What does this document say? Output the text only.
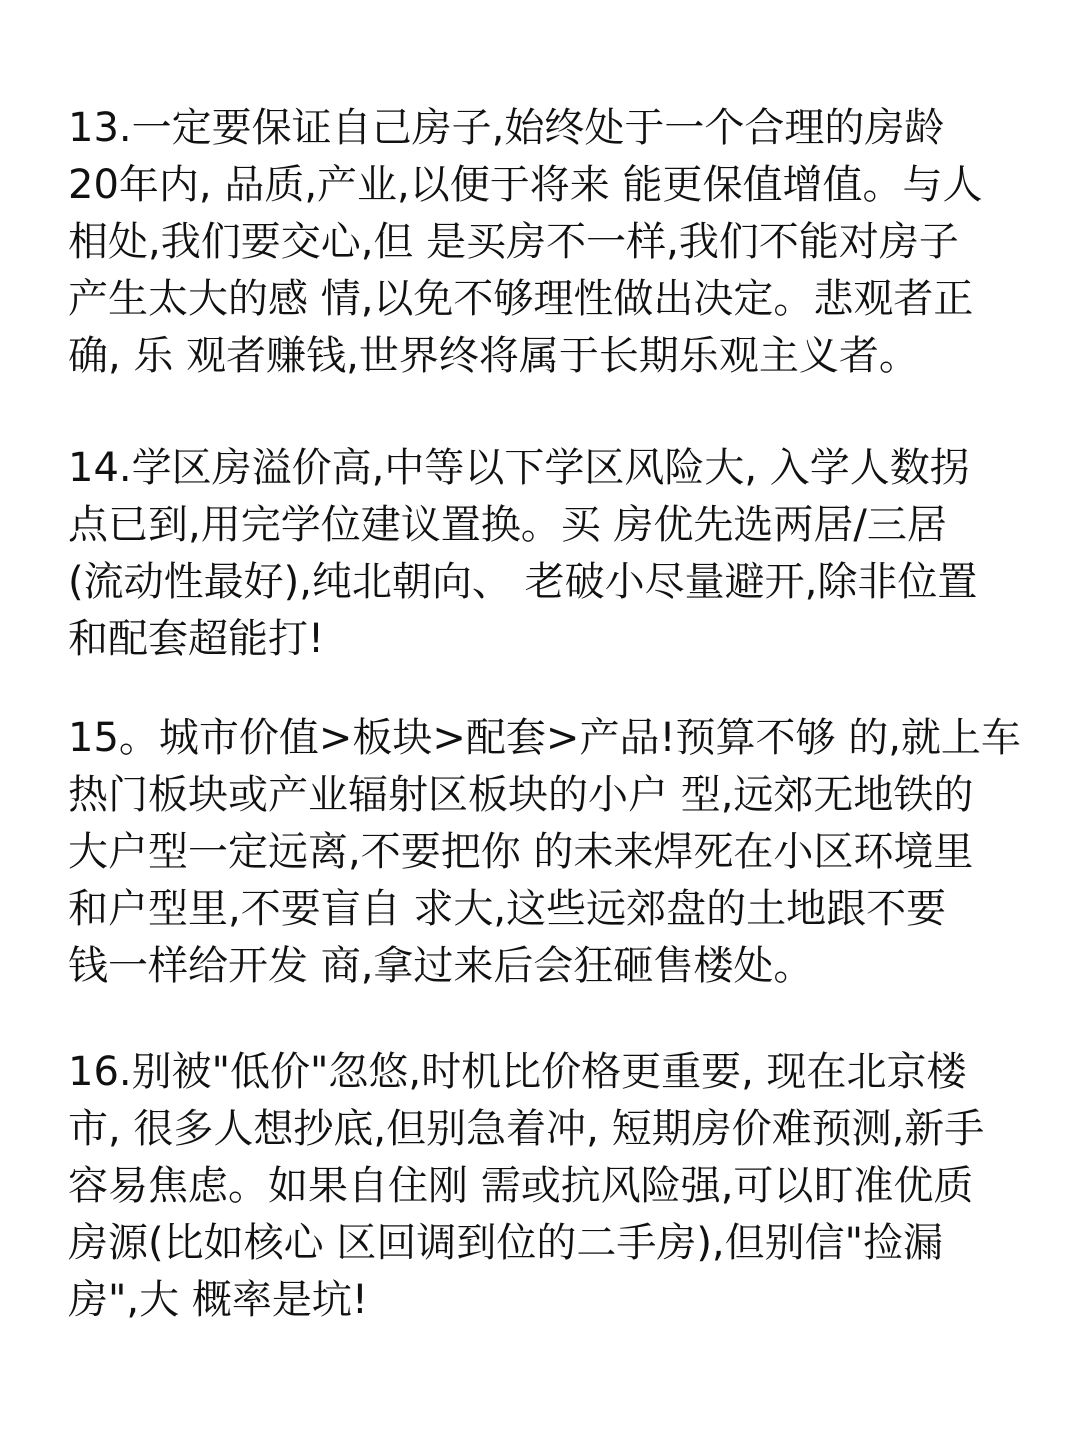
13.一定要保证自己房子,始终处于一个合理的房龄
20年内, 品质,产业,以便于将来 能更保值增值。与人
相处,我们要交心,但 是买房不一样,我们不能对房子
产生太大的感 情,以免不够理性做出决定。悲观者正
确, 乐 观者赚钱,世界终将属于长期乐观主义者。
14.学区房溢价高,中等以下学区风险大, 入学人数拐
点已到,用完学位建议置换。买 房优先选两居/三居
(流动性最好),纯北朝向、 老破小尽量避开,除非位置
和配套超能打!
15。城市价值>板块>配套>产品!预算不够 的,就上车
热门板块或产业辐射区板块的小户 型,远郊无地铁的
大户型一定远离,不要把你 的未来焊死在小区环境里
和户型里,不要盲自 求大,这些远郊盘的土地跟不要
钱一样给开发 商,拿过来后会狂砸售楼处。
16.别被"低价"忽悠,时机比价格更重要, 现在北京楼
市, 很多人想抄底,但别急着冲, 短期房价难预测,新手
容易焦虑。如果自住刚 需或抗风险强,可以盯准优质
房源(比如核心 区回调到位的二手房),但别信"捡漏
房",大 概率是坑!
